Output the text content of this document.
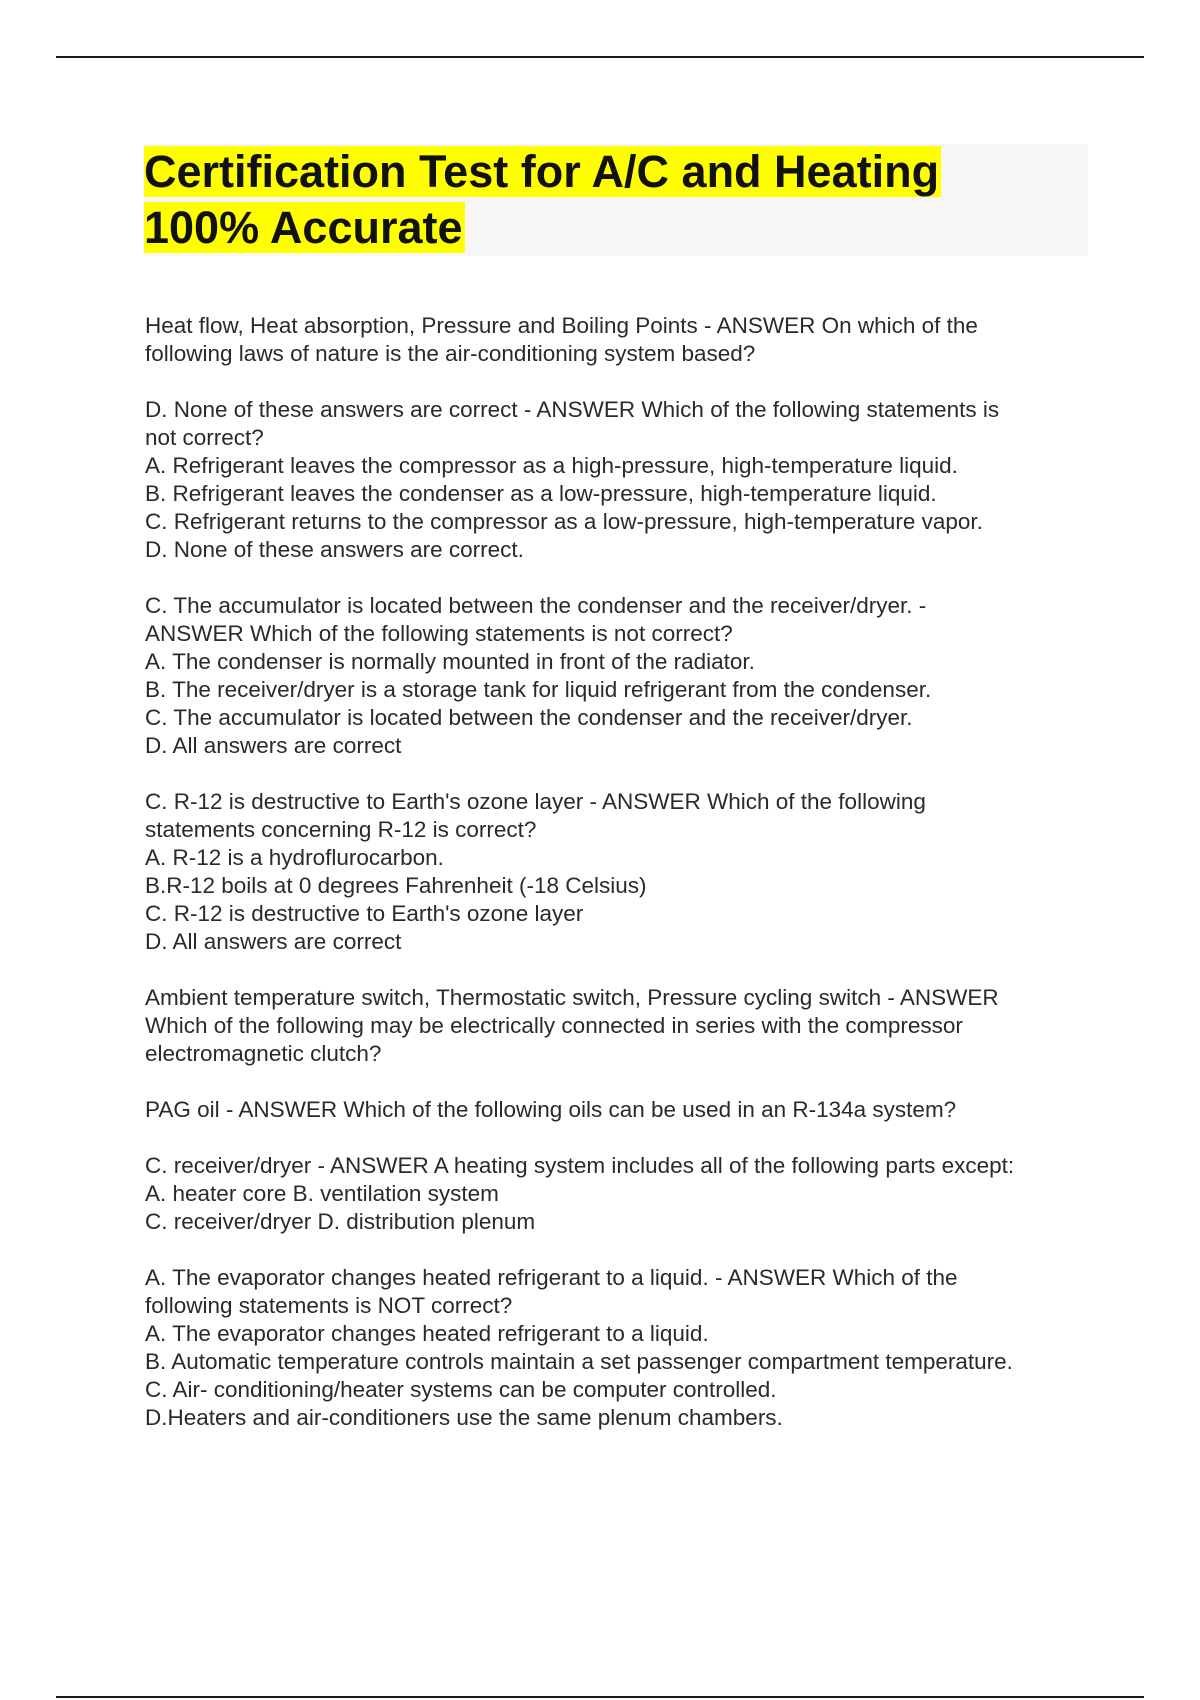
Certification Test for A/C and Heating
100% Accurate
Heat flow, Heat absorption, Pressure and Boiling Points - ANSWER On which of the
following laws of nature is the air-conditioning system based?
D. None of these answers are correct - ANSWER Which of the following statements is
not correct?
A. Refrigerant leaves the compressor as a high-pressure, high-temperature liquid.
B. Refrigerant leaves the condenser as a low-pressure, high-temperature liquid.
C. Refrigerant returns to the compressor as a low-pressure, high-temperature vapor.
D. None of these answers are correct.
C. The accumulator is located between the condenser and the receiver/dryer. -
ANSWER Which of the following statements is not correct?
A. The condenser is normally mounted in front of the radiator.
B. The receiver/dryer is a storage tank for liquid refrigerant from the condenser.
C. The accumulator is located between the condenser and the receiver/dryer.
D. All answers are correct
C. R-12 is destructive to Earth's ozone layer - ANSWER Which of the following
statements concerning R-12 is correct?
A. R-12 is a hydroflurocarbon.
B.R-12 boils at 0 degrees Fahrenheit (-18 Celsius)
C. R-12 is destructive to Earth's ozone layer
D. All answers are correct
Ambient temperature switch, Thermostatic switch, Pressure cycling switch - ANSWER
Which of the following may be electrically connected in series with the compressor
electromagnetic clutch?
PAG oil - ANSWER Which of the following oils can be used in an R-134a system?
C. receiver/dryer - ANSWER A heating system includes all of the following parts except:
A. heater core B. ventilation system
C. receiver/dryer D. distribution plenum
A. The evaporator changes heated refrigerant to a liquid. - ANSWER Which of the
following statements is NOT correct?
A. The evaporator changes heated refrigerant to a liquid.
B. Automatic temperature controls maintain a set passenger compartment temperature.
C. Air- conditioning/heater systems can be computer controlled.
D.Heaters and air-conditioners use the same plenum chambers.
